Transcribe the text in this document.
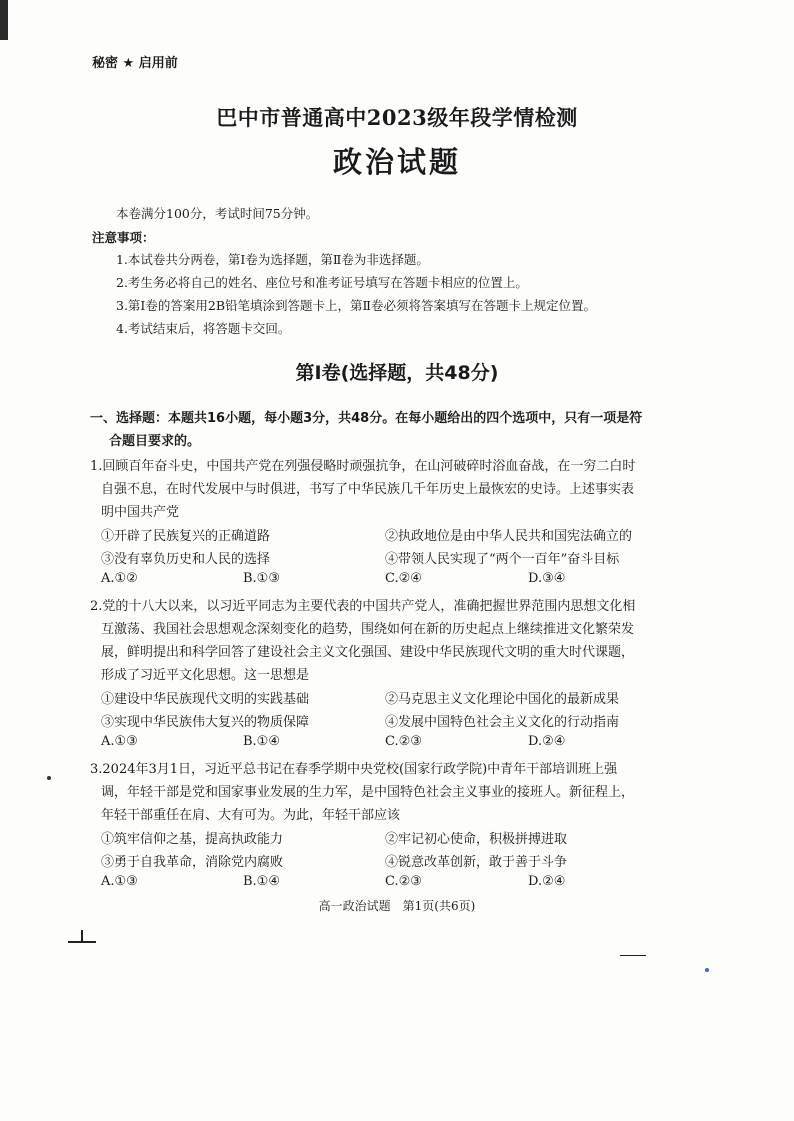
秘密 ★ 启用前
巴中市普通高中2023级年段学情检测
政治试题
本卷满分100分，考试时间75分钟。
注意事项：
1.本试卷共分两卷，第Ⅰ卷为选择题，第Ⅱ卷为非选择题。
2.考生务必将自己的姓名、座位号和准考证号填写在答题卡相应的位置上。
3.第Ⅰ卷的答案用2B铅笔填涂到答题卡上，第Ⅱ卷必须将答案填写在答题卡上规定位置。
4.考试结束后，将答题卡交回。
第Ⅰ卷(选择题，共48分)
一、选择题：本题共16小题，每小题3分，共48分。在每小题给出的四个选项中，只有一项是符
合题目要求的。
1.回顾百年奋斗史，中国共产党在列强侵略时顽强抗争，在山河破碎时浴血奋战，在一穷二白时
自强不息，在时代发展中与时俱进，书写了中华民族几千年历史上最恢宏的史诗。上述事实表
明中国共产党
①开辟了民族复兴的正确道路	②执政地位是由中华人民共和国宪法确立的
③没有辜负历史和人民的选择	④带领人民实现了“两个一百年”奋斗目标
A.①②	B.①③	C.②④	D.③④
2.党的十八大以来，以习近平同志为主要代表的中国共产党人，准确把握世界范围内思想文化相
互激荡、我国社会思想观念深刻变化的趋势，围绕如何在新的历史起点上继续推进文化繁荣发
展，鲜明提出和科学回答了建设社会主义文化强国、建设中华民族现代文明的重大时代课题，
形成了习近平文化思想。这一思想是
①建设中华民族现代文明的实践基础	②马克思主义文化理论中国化的最新成果
③实现中华民族伟大复兴的物质保障	④发展中国特色社会主义文化的行动指南
A.①③	B.①④	C.②③	D.②④
3.2024年3月1日，习近平总书记在春季学期中央党校(国家行政学院)中青年干部培训班上强
调，年轻干部是党和国家事业发展的生力军，是中国特色社会主义事业的接班人。新征程上，
年轻干部重任在肩、大有可为。为此，年轻干部应该
①筑牢信仰之基，提高执政能力	②牢记初心使命，积极拼搏进取
③勇于自我革命，消除党内腐败	④锐意改革创新，敢于善于斗争
A.①③	B.①④	C.②③	D.②④
高一政治试题　第1页(共6页)
